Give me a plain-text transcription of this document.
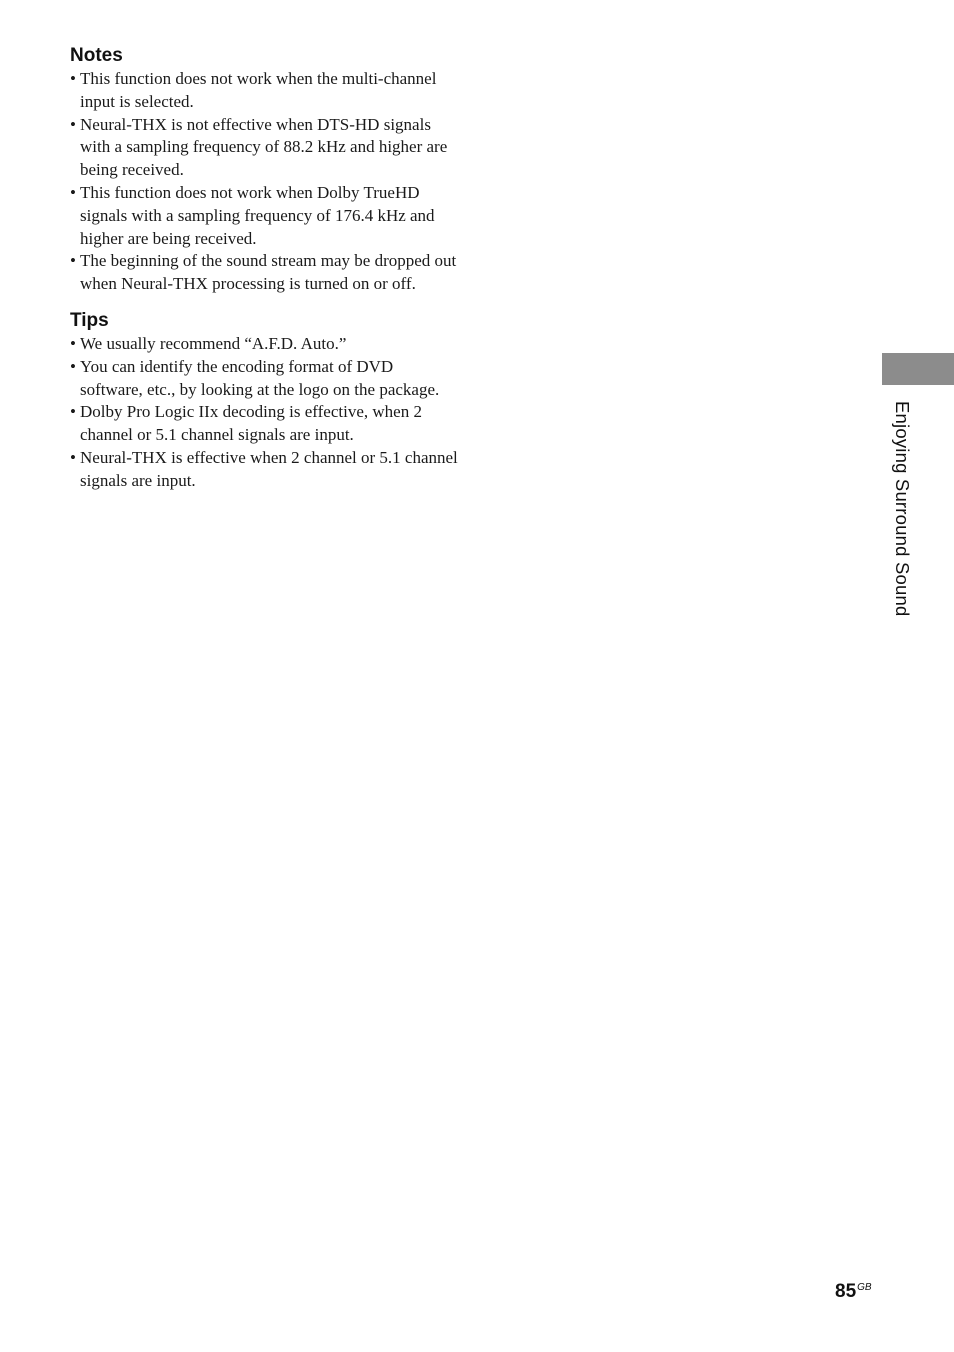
Notes
• This function does not work when the multi-channel input is selected.
• Neural-THX is not effective when DTS-HD signals with a sampling frequency of 88.2 kHz and higher are being received.
• This function does not work when Dolby TrueHD signals with a sampling frequency of 176.4 kHz and higher are being received.
• The beginning of the sound stream may be dropped out when Neural-THX processing is turned on or off.
Tips
• We usually recommend “A.F.D. Auto.”
• You can identify the encoding format of DVD software, etc., by looking at the logo on the package.
• Dolby Pro Logic IIx decoding is effective, when 2 channel or 5.1 channel signals are input.
• Neural-THX is effective when 2 channel or 5.1 channel signals are input.	Enjoying Surround Sound
$85^{GB}$
